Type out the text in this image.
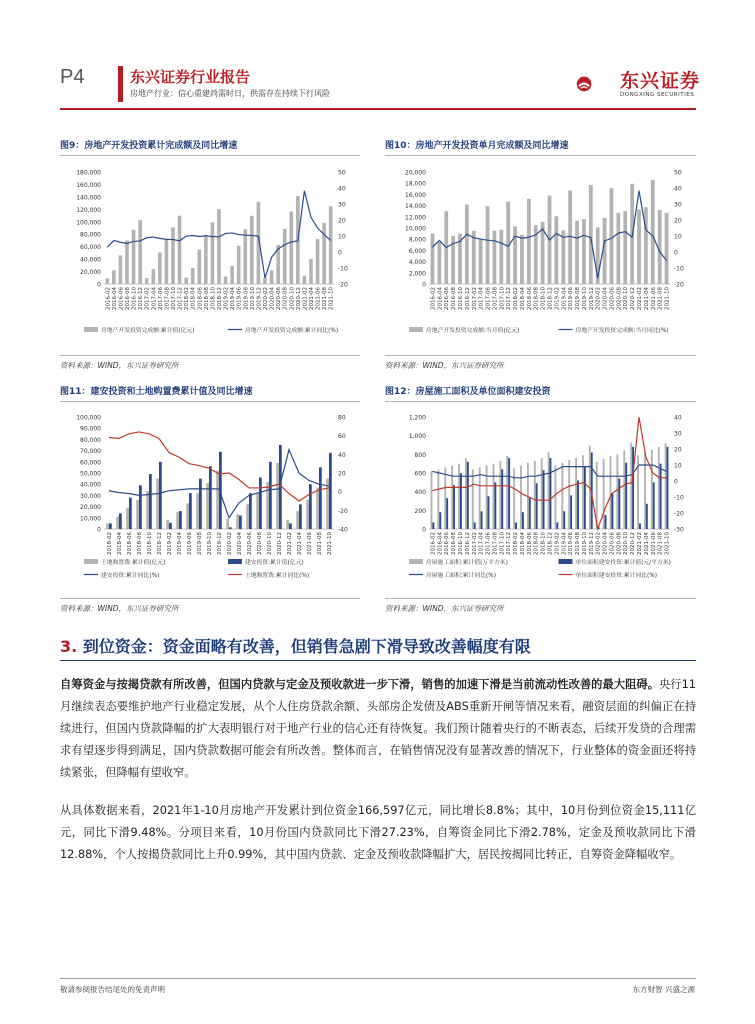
P4	东兴证券行业报告
房地产行业：信心重建尚需时日，供需存在持续下行风险
东兴证券
DONGXING SECURITIES
图9：房地产开发投资累计完成额及同比增速	图10：房地产开发投资单月完成额及同比增速
0
20,000
40,000
60,000
80,000
100,000
120,000
140,000
160,000
180,000
-20
-10
0
10
20
30
40
50
2016-02 2016-04 2016-06 2016-08 2016-10 2016-12 2017-02 2017-04 2017-06 2017-08 2017-10 2017-12 2018-02 2018-04 2018-06 2018-08 2018-10 2018-12 2019-02 2019-04 2019-06 2019-08 2019-10 2019-12 2020-02 2020-04 2020-06 2020-08 2020-10 2020-12 2021-02 2021-04 2021-06 2021-08 2021-10
房地产开发投资完成额:累计值(亿元)	房地产开发投资完成额:累计同比(%)
0
2,000
4,000
6,000
8,000
10,000
12,000
14,000
16,000
18,000
20,000
-20
-10
0
10
20
30
40
50
2016-02 2016-04 2016-06 2016-08 2016-10 2016-12 2017-02 2017-04 2017-06 2017-08 2017-10 2017-12 2018-02 2018-04 2018-06 2018-08 2018-10 2018-12 2019-02 2019-04 2019-06 2019-08 2019-10 2019-12 2020-02 2020-04 2020-06 2020-08 2020-10 2020-12 2021-02 2021-04 2021-06 2021-08 2021-10
房地产开发投资完成额:当月值(亿元)	房地产开发投资完成额:当月同比(%)
资料来源：WIND，东兴证券研究所	资料来源：WIND，东兴证券研究所
图11：建安投资和土地购置费累计值及同比增速	图12：房屋施工面积及单位面积建安投资
0
10,000
20,000
30,000
40,000
50,000
60,000
70,000
80,000
90,000
100,000
-40
-20
0
20
40
60
80
2018-02 2018-04 2018-06 2018-08 2018-10 2018-12 2019-02 2019-04 2019-06 2019-08 2019-10 2019-12 2020-02 2020-04 2020-06 2020-08 2020-10 2020-12 2021-02 2021-04 2021-06 2021-08 2021-10
土地购置费:累计值(亿元)	建安投资:累计值(亿元)
建安投资:累计同比(%)	土地购置费:累计同比(%)
0
200
400
600
800
1,000
1,200
-30
-20
-10
0
10
20
30
40
2016-02 2016-04 2016-06 2016-08 2016-10 2016-12 2017-02 2017-04 2017-06 2017-08 2017-10 2017-12 2018-02 2018-04 2018-06 2018-08 2018-10 2018-12 2019-02 2019-04 2019-06 2019-08 2019-10 2019-12 2020-02 2020-04 2020-06 2020-08 2020-10 2020-12 2021-02 2021-04 2021-06 2021-08 2021-10
房屋施工面积:累计值(万平方米)	单位面积建安投资:累计值(元/平方米)
房屋施工面积:累计同比(%)	单位面积建安投资:累计同比(%)
资料来源：WIND，东兴证券研究所	资料来源：WIND，东兴证券研究所
3. 到位资金：资金面略有改善，但销售急剧下滑导致改善幅度有限
自筹资金与按揭贷款有所改善，但国内贷款与定金及预收款进一步下滑，销售的加速下滑是当前流动性改善的最大阻碍。央行11月继续表态要维护地产行业稳定发展，从个人住房贷款余额、头部房企发债及ABS重新开闸等情况来看，融资层面的纠偏正在持续进行，但国内贷款降幅的扩大表明银行对于地产行业的信心还有待恢复。我们预计随着央行的不断表态，后续开发贷的合理需求有望逐步得到满足，国内贷款数据可能会有所改善。整体而言，在销售情况没有显著改善的情况下，行业整体的资金面还将持续紧张，但降幅有望收窄。
从具体数据来看，2021年1-10月房地产开发累计到位资金166,597亿元，同比增长8.8%；其中，10月份到位资金15,111亿元，同比下滑9.48%。分项目来看，10月份国内贷款同比下滑27.23%，自筹资金同比下滑2.78%，定金及预收款同比下滑12.88%，个人按揭贷款同比上升0.99%，其中国内贷款、定金及预收款降幅扩大，居民按揭同比转正，自筹资金降幅收窄。
敬请参阅报告结尾处的免责声明	东方财智 兴盛之源
